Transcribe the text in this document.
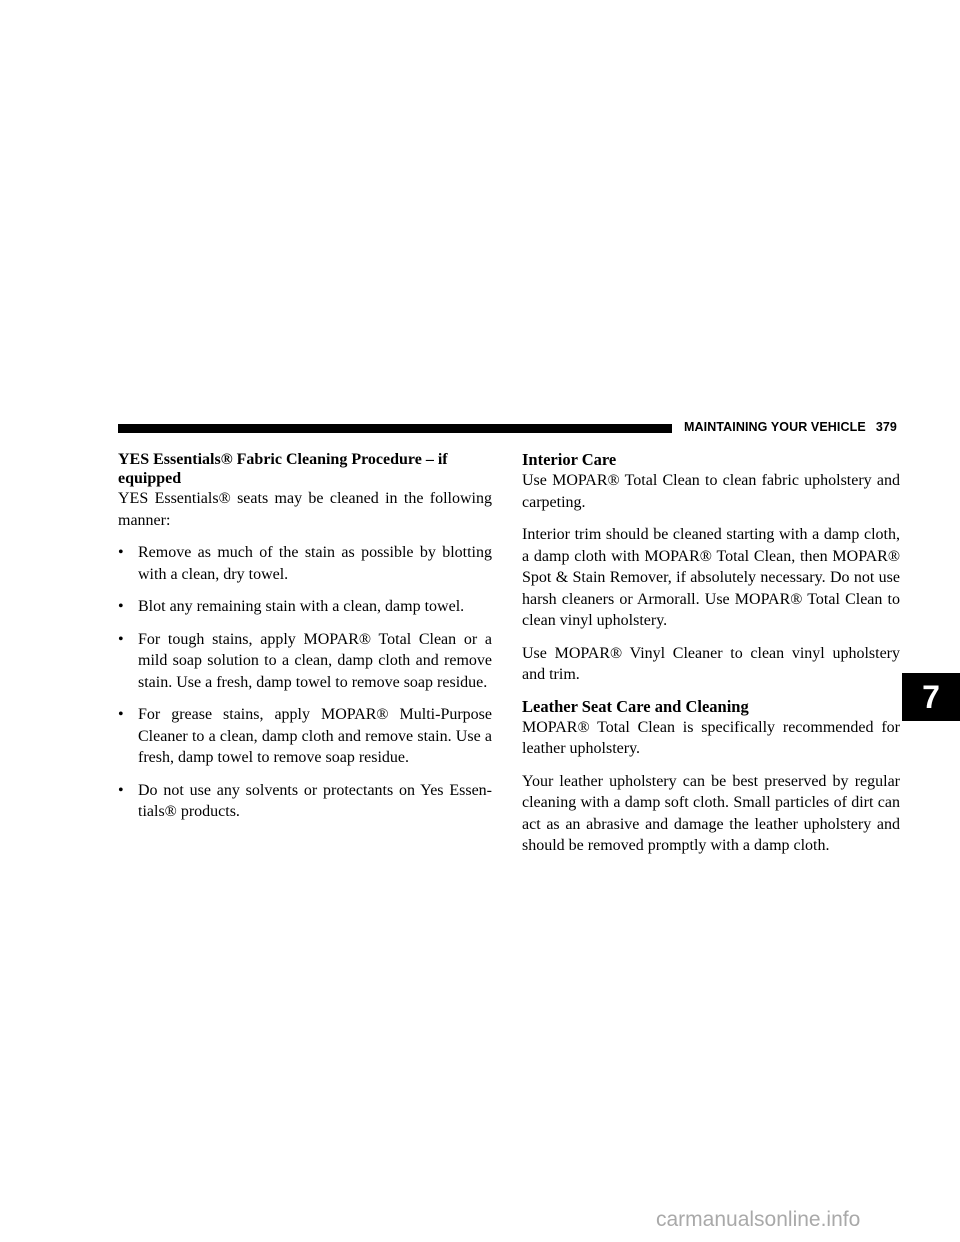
MAINTAINING YOUR VEHICLE 379
YES Essentials® Fabric Cleaning Procedure – if equipped

YES Essentials® seats may be cleaned in the following manner:

• Remove as much of the stain as possible by blotting with a clean, dry towel.
• Blot any remaining stain with a clean, damp towel.
• For tough stains, apply MOPAR® Total Clean or a mild soap solution to a clean, damp cloth and remove stain. Use a fresh, damp towel to remove soap residue.
• For grease stains, apply MOPAR® Multi-Purpose Cleaner to a clean, damp cloth and remove stain. Use a fresh, damp towel to remove soap residue.
• Do not use any solvents or protectants on Yes Essen-tials® products.
Interior Care

Use MOPAR® Total Clean to clean fabric upholstery and carpeting.

Interior trim should be cleaned starting with a damp cloth, a damp cloth with MOPAR® Total Clean, then MOPAR® Spot & Stain Remover, if absolutely necessary. Do not use harsh cleaners or Armorall. Use MOPAR® Total Clean to clean vinyl upholstery.

Use MOPAR® Vinyl Cleaner to clean vinyl upholstery and trim.

Leather Seat Care and Cleaning

MOPAR® Total Clean is specifically recommended for leather upholstery.

Your leather upholstery can be best preserved by regular cleaning with a damp soft cloth. Small particles of dirt can act as an abrasive and damage the leather upholstery and should be removed promptly with a damp cloth.

7
carmanualsonline.info
